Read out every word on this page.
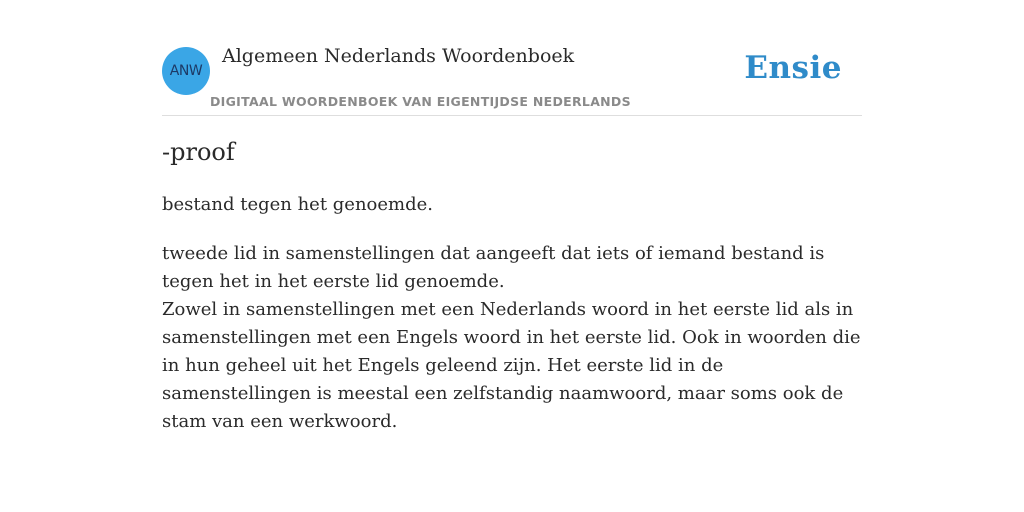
ANW
Algemeen Nederlands Woordenboek
DIGITAAL WOORDENBOEK VAN EIGENTIJDSE NEDERLANDS
Ensie
-proof
bestand tegen het genoemde.

tweede lid in samenstellingen dat aangeeft dat iets of iemand bestand is tegen het in het eerste lid genoemde.

Zowel in samenstellingen met een Nederlands woord in het eerste lid als in samenstellingen met een Engels woord in het eerste lid. Ook in woorden die in hun geheel uit het Engels geleend zijn. Het eerste lid in de samenstellingen is meestal een zelfstandig naamwoord, maar soms ook de stam van een werkwoord.
